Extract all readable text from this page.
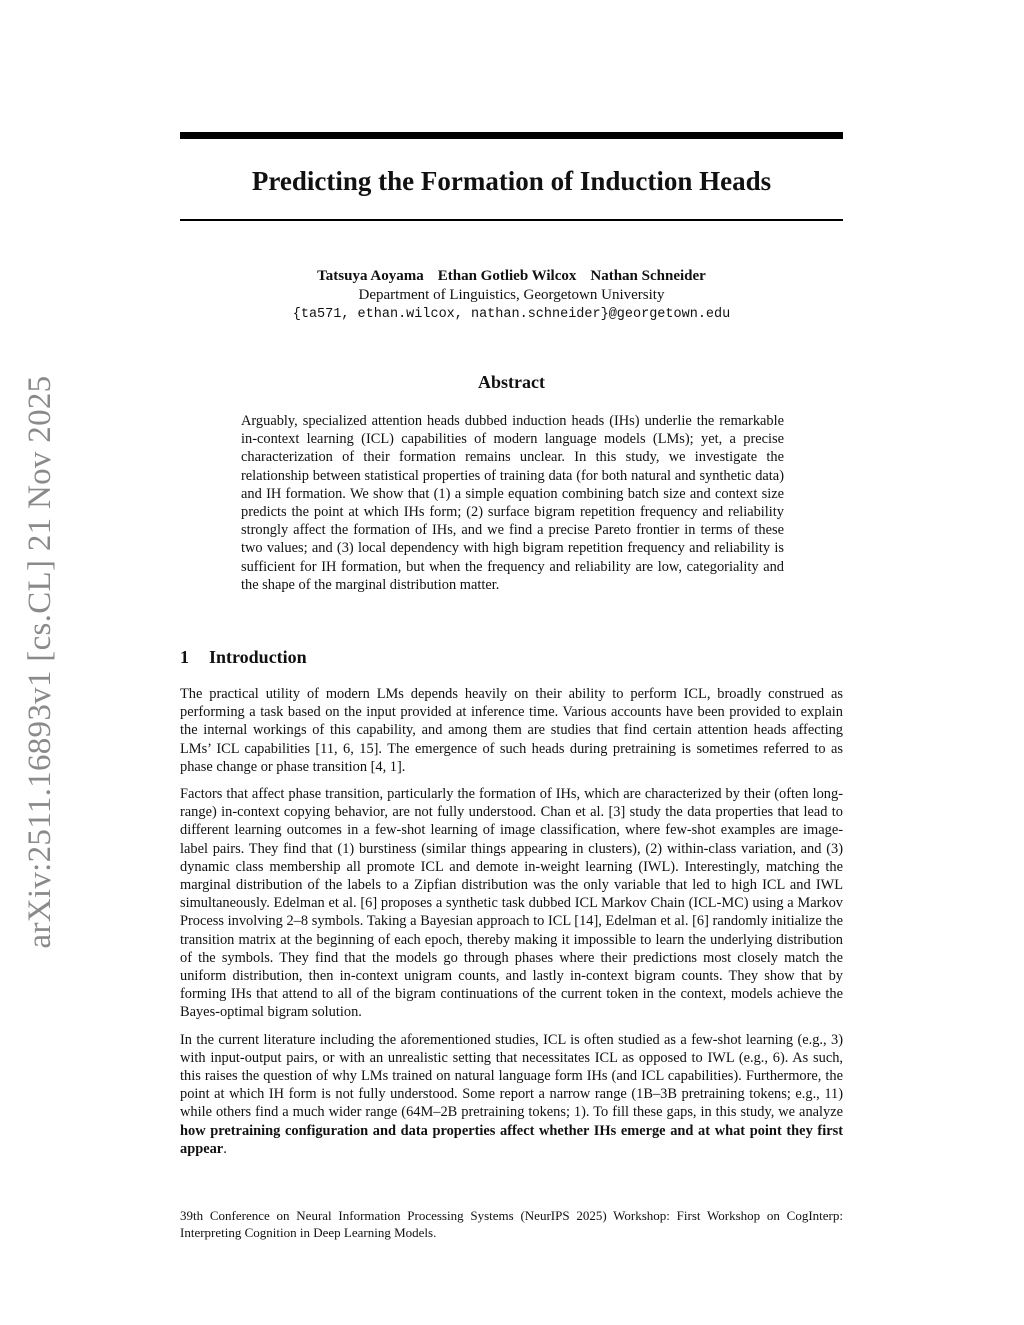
arXiv:2511.16893v1 [cs.CL] 21 Nov 2025
Predicting the Formation of Induction Heads
Tatsuya Aoyama Ethan Gotlieb Wilcox Nathan Schneider
Department of Linguistics, Georgetown University
{ta571, ethan.wilcox, nathan.schneider}@georgetown.edu
Abstract

Arguably, specialized attention heads dubbed induction heads (IHs) underlie the remarkable in-context learning (ICL) capabilities of modern language models (LMs); yet, a precise characterization of their formation remains unclear. In this study, we investigate the relationship between statistical properties of training data (for both natural and synthetic data) and IH formation. We show that (1) a simple equation combining batch size and context size predicts the point at which IHs form; (2) surface bigram repetition frequency and reliability strongly affect the formation of IHs, and we find a precise Pareto frontier in terms of these two values; and (3) local dependency with high bigram repetition frequency and reliability is sufficient for IH formation, but when the frequency and reliability are low, categoriality and the shape of the marginal distribution matter.

1 Introduction

The practical utility of modern LMs depends heavily on their ability to perform ICL, broadly construed as performing a task based on the input provided at inference time. Various accounts have been provided to explain the internal workings of this capability, and among them are studies that find certain attention heads affecting LMs’ ICL capabilities [11, 6, 15]. The emergence of such heads during pretraining is sometimes referred to as phase change or phase transition [4, 1].

Factors that affect phase transition, particularly the formation of IHs, which are characterized by their (often long-range) in-context copying behavior, are not fully understood. Chan et al. [3] study the data properties that lead to different learning outcomes in a few-shot learning of image classification, where few-shot examples are image-label pairs. They find that (1) burstiness (similar things appearing in clusters), (2) within-class variation, and (3) dynamic class membership all promote ICL and demote in-weight learning (IWL). Interestingly, matching the marginal distribution of the labels to a Zipfian distribution was the only variable that led to high ICL and IWL simultaneously. Edelman et al. [6] proposes a synthetic task dubbed ICL Markov Chain (ICL-MC) using a Markov Process involving 2–8 symbols. Taking a Bayesian approach to ICL [14], Edelman et al. [6] randomly initialize the transition matrix at the beginning of each epoch, thereby making it impossible to learn the underlying distribution of the symbols. They find that the models go through phases where their predictions most closely match the uniform distribution, then in-context unigram counts, and lastly in-context bigram counts. They show that by forming IHs that attend to all of the bigram continuations of the current token in the context, models achieve the Bayes-optimal bigram solution.

In the current literature including the aforementioned studies, ICL is often studied as a few-shot learning (e.g., 3) with input-output pairs, or with an unrealistic setting that necessitates ICL as opposed to IWL (e.g., 6). As such, this raises the question of why LMs trained on natural language form IHs (and ICL capabilities). Furthermore, the point at which IH form is not fully understood. Some report a narrow range (1B–3B pretraining tokens; e.g., 11) while others find a much wider range (64M–2B pretraining tokens; 1). To fill these gaps, in this study, we analyze how pretraining configuration and data properties affect whether IHs emerge and at what point they first appear.

39th Conference on Neural Information Processing Systems (NeurIPS 2025) Workshop: First Workshop on CogInterp: Interpreting Cognition in Deep Learning Models.
